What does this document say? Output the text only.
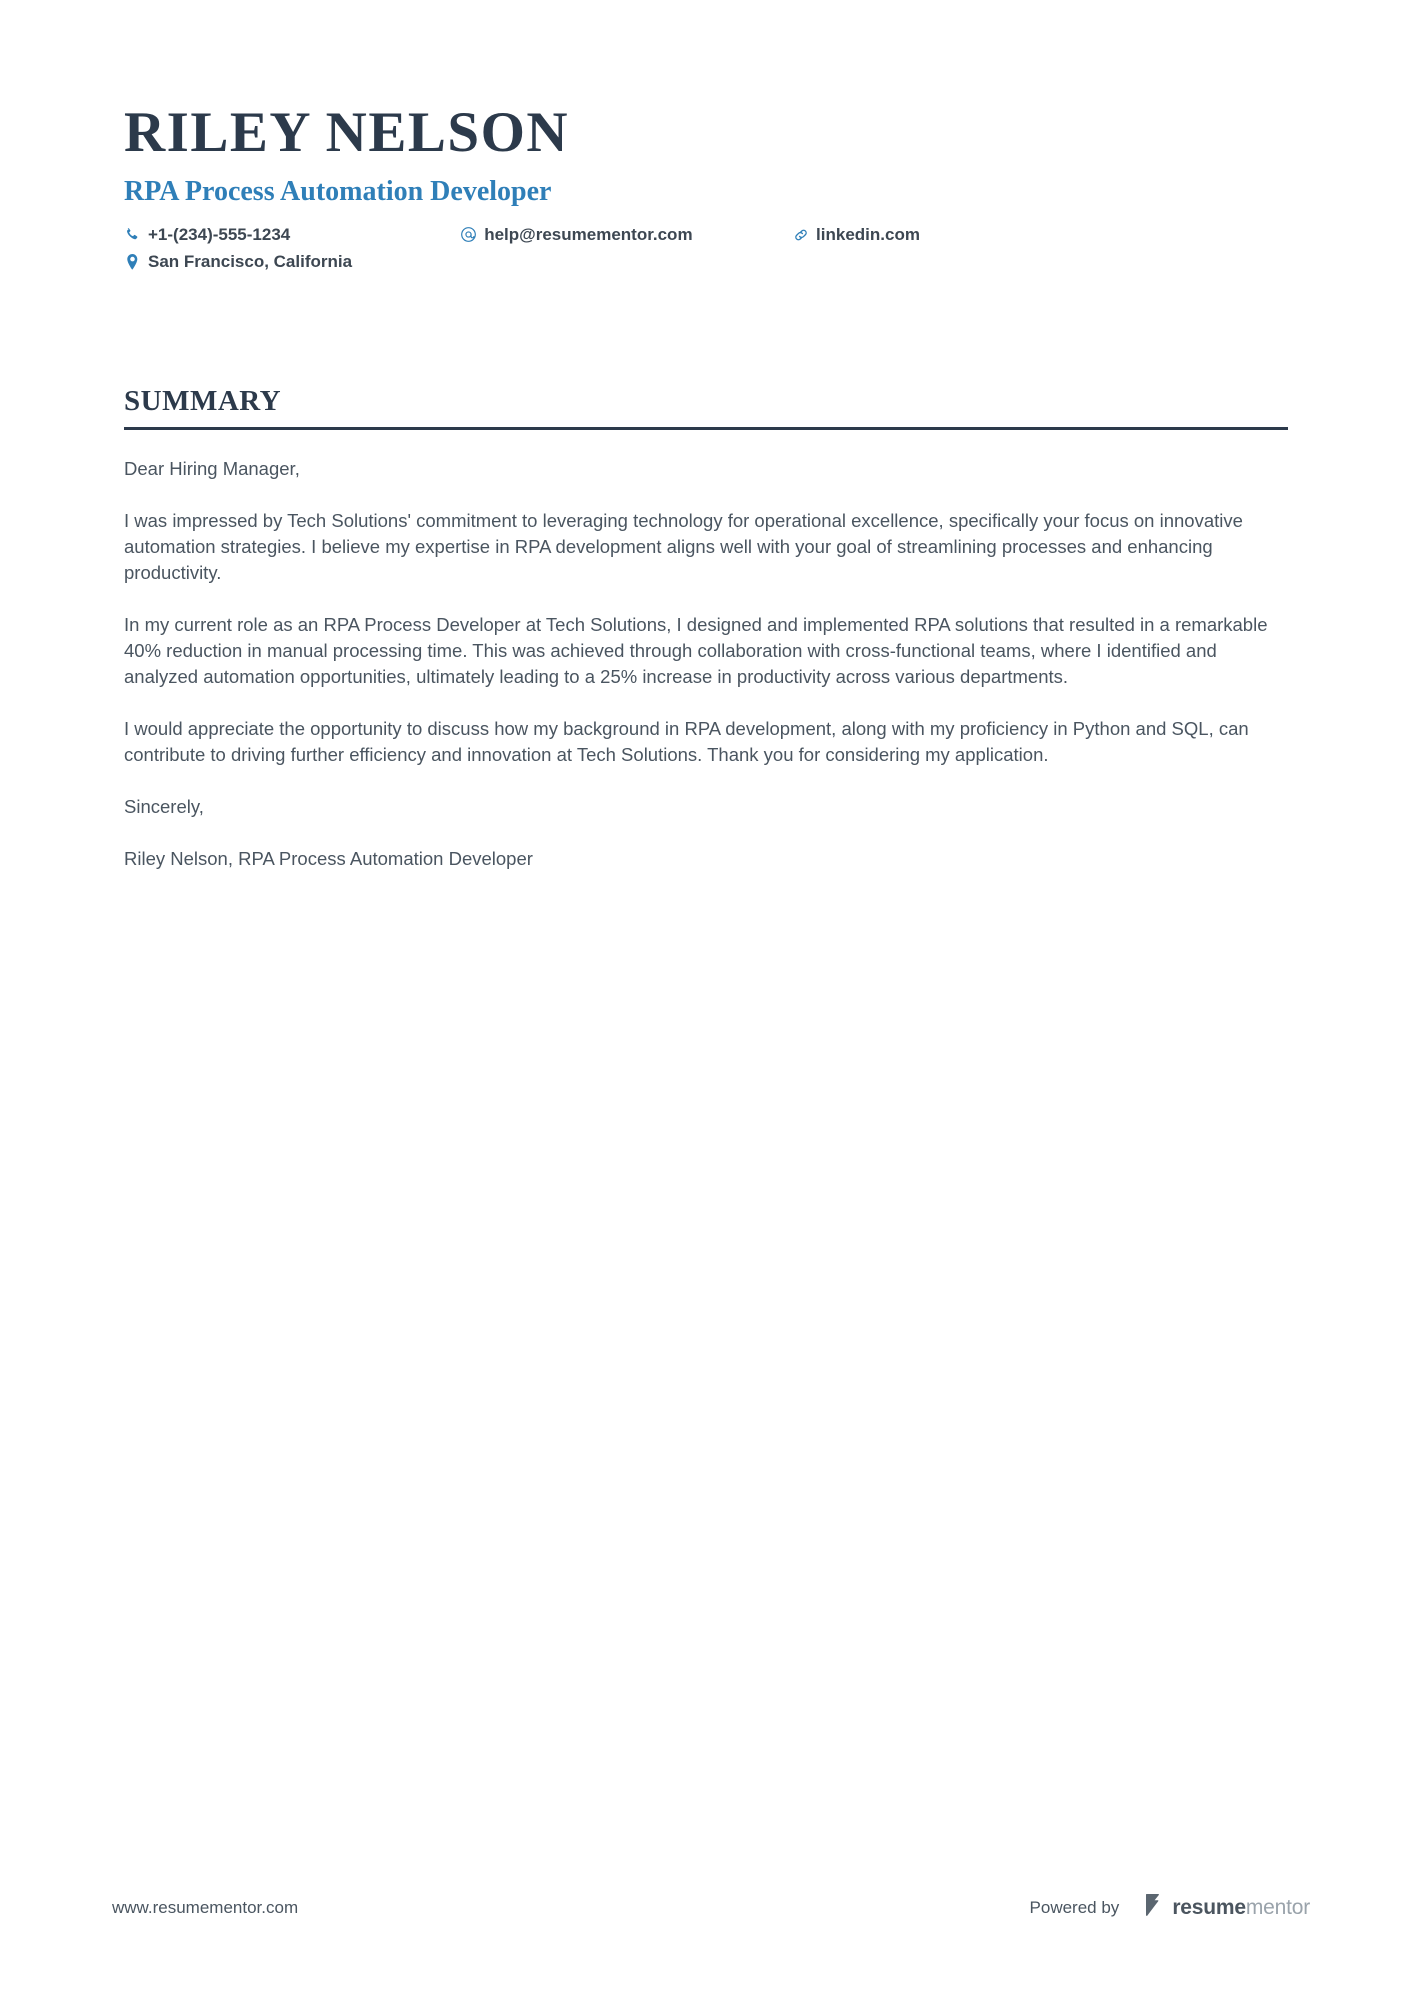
RILEY NELSON
RPA Process Automation Developer
+1-(234)-555-1234	help@resumementor.com	linkedin.com
San Francisco, California
SUMMARY

Dear Hiring Manager,

I was impressed by Tech Solutions' commitment to leveraging technology for operational excellence, specifically your focus on innovative automation strategies. I believe my expertise in RPA development aligns well with your goal of streamlining processes and enhancing productivity.

In my current role as an RPA Process Developer at Tech Solutions, I designed and implemented RPA solutions that resulted in a remarkable 40% reduction in manual processing time. This was achieved through collaboration with cross-functional teams, where I identified and analyzed automation opportunities, ultimately leading to a 25% increase in productivity across various departments.

I would appreciate the opportunity to discuss how my background in RPA development, along with my proficiency in Python and SQL, can contribute to driving further efficiency and innovation at Tech Solutions. Thank you for considering my application.

Sincerely,

Riley Nelson, RPA Process Automation Developer

www.resumementor.com	Powered by	resumementor
